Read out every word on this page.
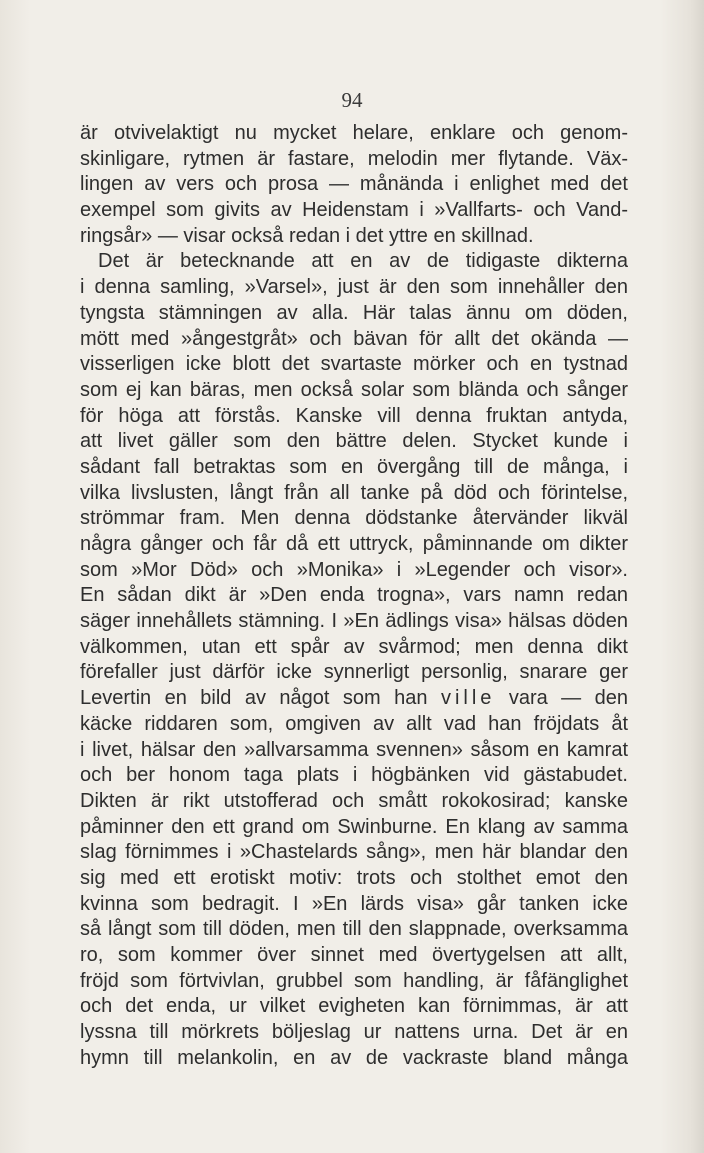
94
är otvivelaktigt nu mycket helare, enklare och genom-
skinligare, rytmen är fastare, melodin mer flytande. Väx-
lingen av vers och prosa — månända i enlighet med det
exempel som givits av Heidenstam i »Vallfarts- och Vand-
ringsår» — visar också redan i det yttre en skillnad.
Det är betecknande att en av de tidigaste dikterna
i denna samling, »Varsel», just är den som innehåller den
tyngsta stämningen av alla. Här talas ännu om döden,
mött med »ångestgråt» och bävan för allt det okända —
visserligen icke blott det svartaste mörker och en tystnad
som ej kan bäras, men också solar som blända och sånger
för höga att förstås. Kanske vill denna fruktan antyda,
att livet gäller som den bättre delen. Stycket kunde i
sådant fall betraktas som en övergång till de många, i
vilka livslusten, långt från all tanke på död och förintelse,
strömmar fram. Men denna dödstanke återvänder likväl
några gånger och får då ett uttryck, påminnande om dikter
som »Mor Död» och »Monika» i »Legender och visor».
En sådan dikt är »Den enda trogna», vars namn redan
säger innehållets stämning. I »En ädlings visa» hälsas döden
välkommen, utan ett spår av svårmod; men denna dikt
förefaller just därför icke synnerligt personlig, snarare ger
Levertin en bild av något som han ville vara — den
käcke riddaren som, omgiven av allt vad han fröjdats åt
i livet, hälsar den »allvarsamma svennen» såsom en kamrat
och ber honom taga plats i högbänken vid gästabudet.
Dikten är rikt utstofferad och smått rokokosirad; kanske
påminner den ett grand om Swinburne. En klang av samma
slag förnimmes i »Chastelards sång», men här blandar den
sig med ett erotiskt motiv: trots och stolthet emot den
kvinna som bedragit. I »En lärds visa» går tanken icke
så långt som till döden, men till den slappnade, overksamma
ro, som kommer över sinnet med övertygelsen att allt,
fröjd som förtvivlan, grubbel som handling, är fåfänglighet
och det enda, ur vilket evigheten kan förnimmas, är att
lyssna till mörkrets böljeslag ur nattens urna. Det är en
hymn till melankolin, en av de vackraste bland många
